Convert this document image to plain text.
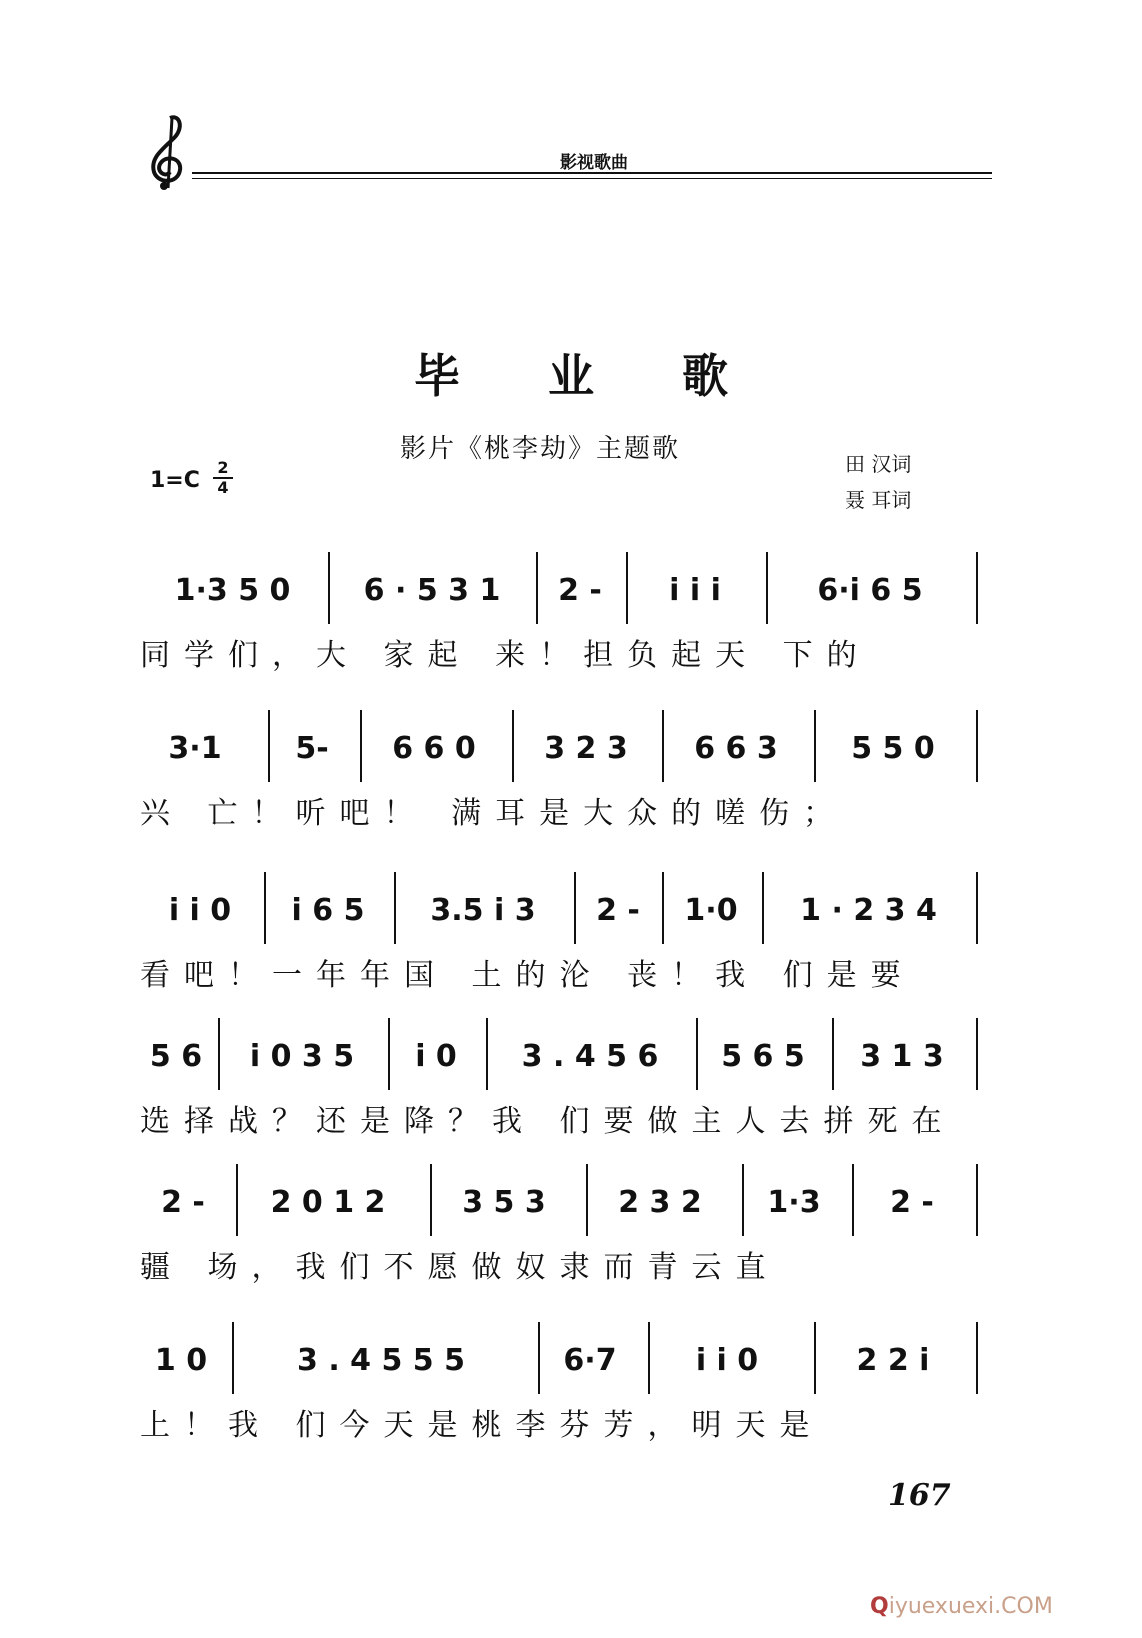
影视歌曲
毕 业 歌
影片《桃李劫》主题歌
1=C
2
4
田 汉词
聂 耳词
1·3 5 0	6 · 5 3 1	2 -	i i i	6·i 6 5
同学们，大 家起 来！担负起天 下的
3·1	5-	6 6 0	3 2 3	6 6 3	5 5 0
兴 亡！听吧！ 满耳是大众的嗟伤；
i i 0	i 6 5	3.5 i 3	2 -	1·0	1 · 2 3 4
看吧！一年年国 土的沦 丧！我 们是要
5 6	i 0 3 5	i 0	3 . 4 5 6	5 6 5	3 1 3
选择战？还是降？我 们要做主人去拼死在
2 -	2 0 1 2	3 5 3	2 3 2	1·3	2 -
疆 场，我们不愿做奴隶而青云直
1 0	3 . 4 5 5 5	6·7	i i 0	2 2 i
上！我 们今天是桃李芬芳，明天是
167
Qiyuexuexi.COM
